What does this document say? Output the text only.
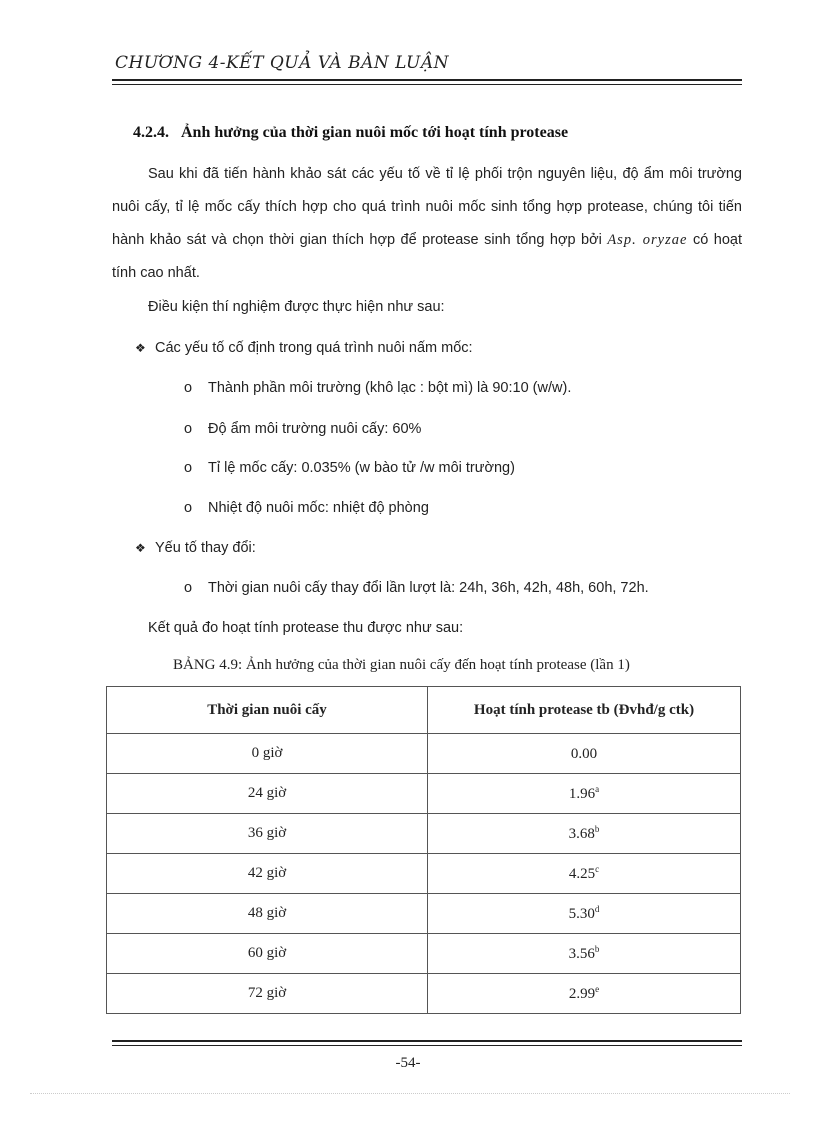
CHƯƠNG 4-KẾT QUẢ VÀ BÀN LUẬN
4.2.4. Ảnh hưởng của thời gian nuôi mốc tới hoạt tính protease
Sau khi đã tiến hành khảo sát các yếu tố về tỉ lệ phối trộn nguyên liệu, độ ẩm môi trường nuôi cấy, tỉ lệ mốc cấy thích hợp cho quá trình nuôi mốc sinh tổng hợp protease, chúng tôi tiến hành khảo sát và chọn thời gian thích hợp để protease sinh tổng hợp bởi Asp. oryzae có hoạt tính cao nhất.
Điều kiện thí nghiệm được thực hiện như sau:
❖ Các yếu tố cố định trong quá trình nuôi nấm mốc:
o Thành phần môi trường (khô lạc : bột mì) là 90:10 (w/w).
o Độ ẩm môi trường nuôi cấy: 60%
o Tỉ lệ mốc cấy: 0.035% (w bào tử /w môi trường)
o Nhiệt độ nuôi mốc: nhiệt độ phòng
❖ Yếu tố thay đổi:
o Thời gian nuôi cấy thay đổi lần lượt là: 24h, 36h, 42h, 48h, 60h, 72h.
Kết quả đo hoạt tính protease thu được như sau:
BẢNG 4.9: Ảnh hưởng của thời gian nuôi cấy đến hoạt tính protease (lần 1)
Thời gian nuôi cấy	Hoạt tính protease tb (Đvhđ/g ctk)
0 giờ	0.00
24 giờ	1.96$^a$
36 giờ	3.68$^b$
42 giờ	4.25$^c$
48 giờ	5.30$^d$
60 giờ	3.56$^b$
72 giờ	2.99e
-54-
